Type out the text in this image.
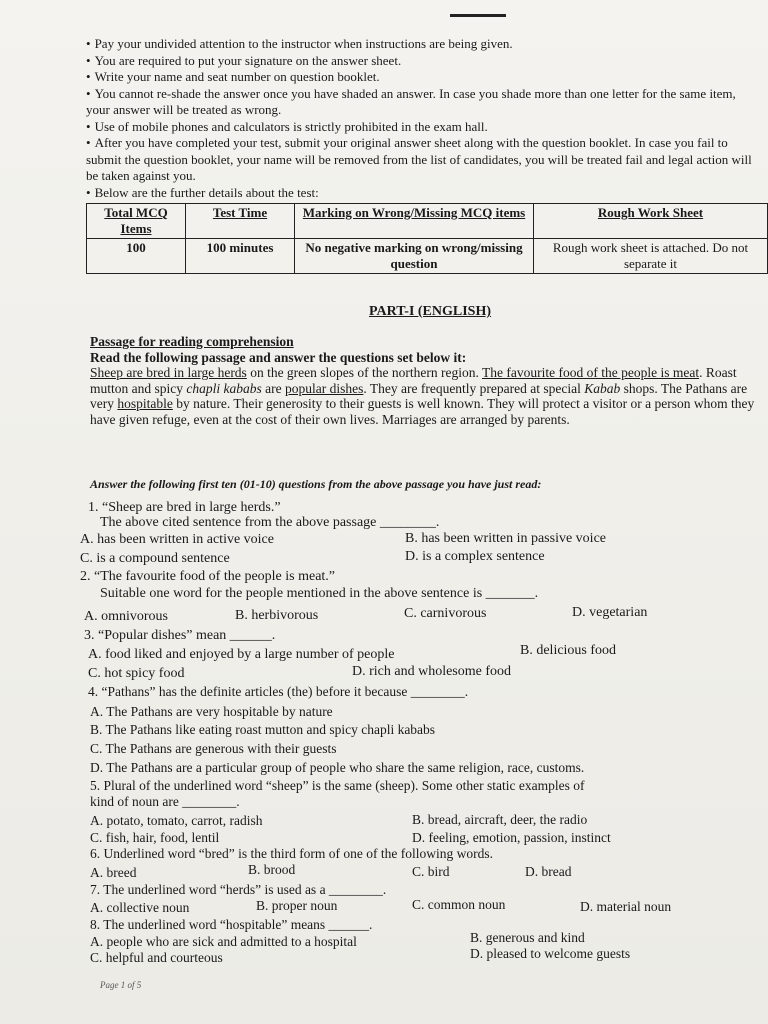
• Pay your undivided attention to the instructor when instructions are being given.

• You are required to put your signature on the answer sheet.

• Write your name and seat number on question booklet.

• You cannot re-shade the answer once you have shaded an answer. In case you shade more than one letter for the same item, your answer will be treated as wrong.

• Use of mobile phones and calculators is strictly prohibited in the exam hall.

• After you have completed your test, submit your original answer sheet along with the question booklet. In case you fail to submit the question booklet, your name will be removed from the list of candidates, you will be treated fail and legal action will be taken against you.

• Below are the further details about the test:

Total MCQ Items	Test Time	Marking on Wrong/Missing MCQ items	Rough Work Sheet
100	100 minutes	No negative marking on wrong/missing question	Rough work sheet is attached. Do not separate it
PART-I (ENGLISH)

Passage for reading comprehension

Read the following passage and answer the questions set below it:

Sheep are bred in large herds on the green slopes of the northern region. The favourite food of the people is meat. Roast mutton and spicy chapli kababs are popular dishes. They are frequently prepared at special Kabab shops. The Pathans are very hospitable by nature. Their generosity to their guests is well known. They will protect a visitor or a person whom they have given refuge, even at the cost of their own lives. Marriages are arranged by parents.

Answer the following first ten (01-10) questions from the above passage you have just read:
1. “Sheep are bred in large herds.”
The above cited sentence from the above passage ________.
A. has been written in active voice	B. has been written in passive voice
C. is a compound sentence	D. is a complex sentence
2. “The favourite food of the people is meat.”
Suitable one word for the people mentioned in the above sentence is _______.
A. omnivorous	B. herbivorous	C. carnivorous	D. vegetarian
3. “Popular dishes” mean ______.
A. food liked and enjoyed by a large number of people	B. delicious food
C. hot spicy food	D. rich and wholesome food
4. “Pathans” has the definite articles (the) before it because ________.
A. The Pathans are very hospitable by nature
B. The Pathans like eating roast mutton and spicy chapli kababs
C. The Pathans are generous with their guests
D. The Pathans are a particular group of people who share the same religion, race, customs.
5. Plural of the underlined word “sheep” is the same (sheep). Some other static examples of
kind of noun are ________.
A. potato, tomato, carrot, radish	B. bread, aircraft, deer, the radio
C. fish, hair, food, lentil	D. feeling, emotion, passion, instinct
6. Underlined word “bred” is the third form of one of the following words.
A. breed	B. brood	C. bird	D. bread
7. The underlined word “herds” is used as a ________.
A. collective noun	B. proper noun	C. common noun	D. material noun
8. The underlined word “hospitable” means ______.
A. people who are sick and admitted to a hospital	B. generous and kind
C. helpful and courteous	D. pleased to welcome guests
Page 1 of 5
